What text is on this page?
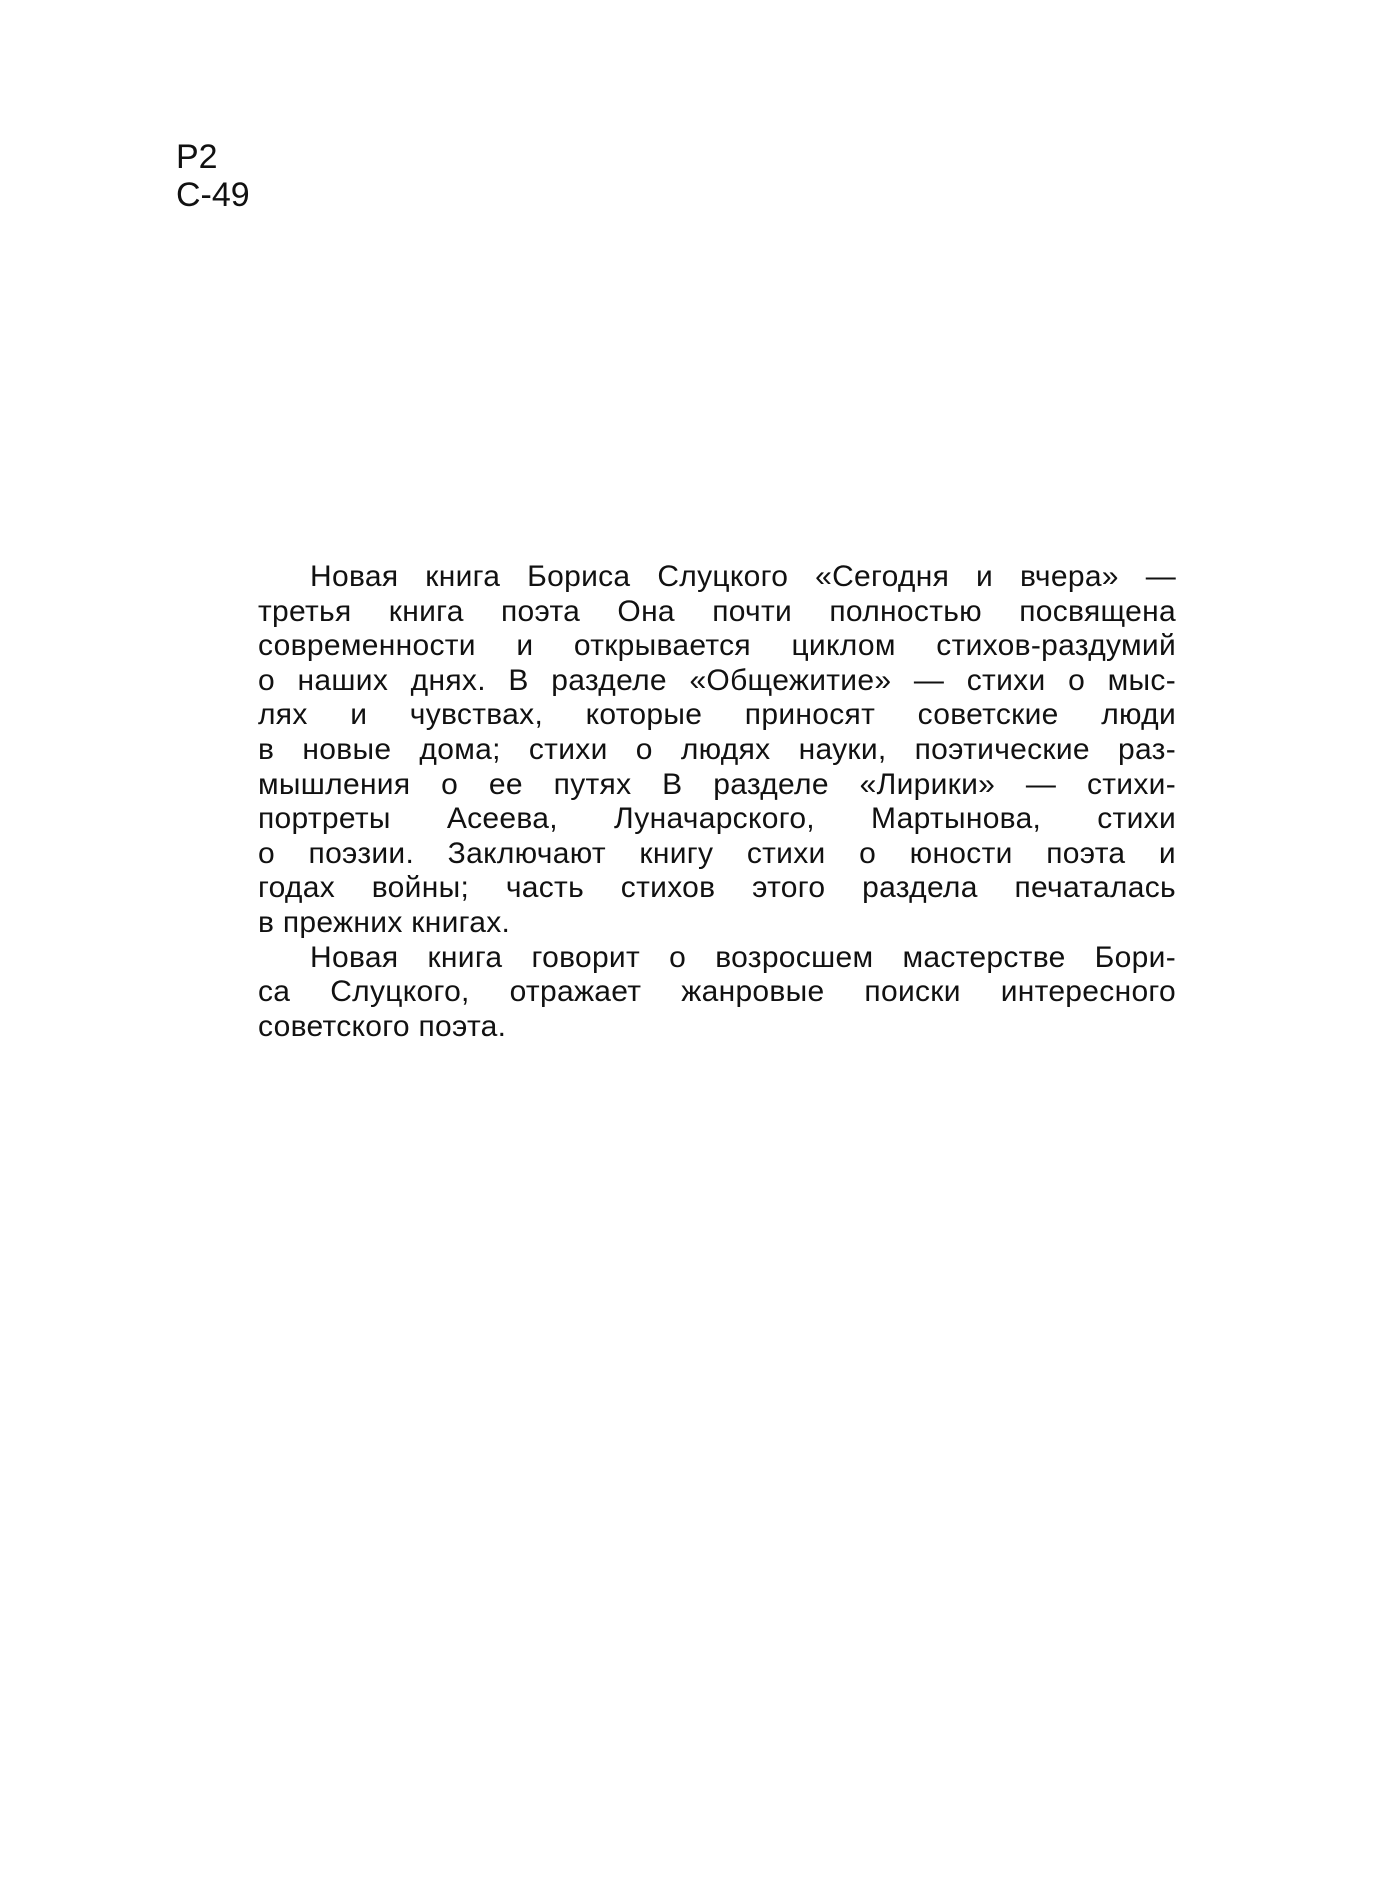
Р2
С-49
Новая книга Бориса Слуцкого «Сегодня и вчера» —
третья книга поэта Она почти полностью посвящена
современности и открывается циклом стихов-раздумий
о наших днях. В разделе «Общежитие» — стихи о мыс-
лях и чувствах, которые приносят советские люди
в новые дома; стихи о людях науки, поэтические раз-
мышления о ее путях В разделе «Лирики» — стихи-
портреты Асеева, Луначарского, Мартынова, стихи
о поэзии. Заключают книгу стихи о юности поэта и
годах войны; часть стихов этого раздела печаталась
в прежних книгах.
Новая книга говорит о возросшем мастерстве Бори-
са Слуцкого, отражает жанровые поиски интересного
советского поэта.
